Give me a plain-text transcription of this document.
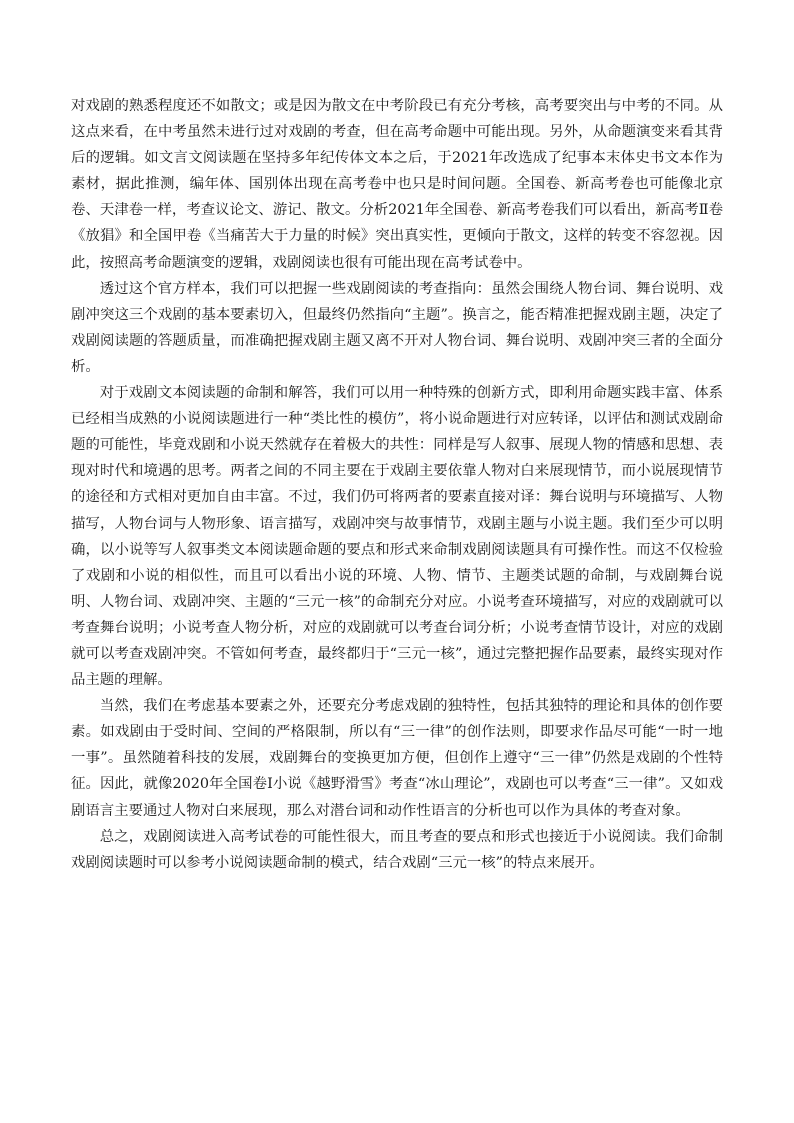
对戏剧的熟悉程度还不如散文；或是因为散文在中考阶段已有充分考核，高考要突出与中考的不同。从这点来看，在中考虽然未进行过对戏剧的考查，但在高考命题中可能出现。另外，从命题演变来看其背后的逻辑。如文言文阅读题在坚持多年纪传体文本之后，于2021年改选成了纪事本末体史书文本作为素材，据此推测，编年体、国别体出现在高考卷中也只是时间问题。全国卷、新高考卷也可能像北京卷、天津卷一样，考查议论文、游记、散文。分析2021年全国卷、新高考卷我们可以看出，新高考Ⅱ卷《放猖》和全国甲卷《当痛苦大于力量的时候》突出真实性，更倾向于散文，这样的转变不容忽视。因此，按照高考命题演变的逻辑，戏剧阅读也很有可能出现在高考试卷中。

透过这个官方样本，我们可以把握一些戏剧阅读的考查指向：虽然会围绕人物台词、舞台说明、戏剧冲突这三个戏剧的基本要素切入，但最终仍然指向“主题”。换言之，能否精准把握戏剧主题，决定了戏剧阅读题的答题质量，而准确把握戏剧主题又离不开对人物台词、舞台说明、戏剧冲突三者的全面分析。

对于戏剧文本阅读题的命制和解答，我们可以用一种特殊的创新方式，即利用命题实践丰富、体系已经相当成熟的小说阅读题进行一种“类比性的模仿”，将小说命题进行对应转译，以评估和测试戏剧命题的可能性，毕竟戏剧和小说天然就存在着极大的共性：同样是写人叙事、展现人物的情感和思想、表现对时代和境遇的思考。两者之间的不同主要在于戏剧主要依靠人物对白来展现情节，而小说展现情节的途径和方式相对更加自由丰富。不过，我们仍可将两者的要素直接对译：舞台说明与环境描写、人物描写，人物台词与人物形象、语言描写，戏剧冲突与故事情节，戏剧主题与小说主题。我们至少可以明确，以小说等写人叙事类文本阅读题命题的要点和形式来命制戏剧阅读题具有可操作性。而这不仅检验了戏剧和小说的相似性，而且可以看出小说的环境、人物、情节、主题类试题的命制，与戏剧舞台说明、人物台词、戏剧冲突、主题的“三元一核”的命制充分对应。小说考查环境描写，对应的戏剧就可以考查舞台说明；小说考查人物分析，对应的戏剧就可以考查台词分析；小说考查情节设计，对应的戏剧就可以考查戏剧冲突。不管如何考查，最终都归于“三元一核”，通过完整把握作品要素，最终实现对作品主题的理解。

当然，我们在考虑基本要素之外，还要充分考虑戏剧的独特性，包括其独特的理论和具体的创作要素。如戏剧由于受时间、空间的严格限制，所以有“三一律”的创作法则，即要求作品尽可能“一时一地一事”。虽然随着科技的发展，戏剧舞台的变换更加方便，但创作上遵守“三一律”仍然是戏剧的个性特征。因此，就像2020年全国卷Ⅰ小说《越野滑雪》考查“冰山理论”，戏剧也可以考查“三一律”。又如戏剧语言主要通过人物对白来展现，那么对潜台词和动作性语言的分析也可以作为具体的考查对象。

总之，戏剧阅读进入高考试卷的可能性很大，而且考查的要点和形式也接近于小说阅读。我们命制戏剧阅读题时可以参考小说阅读题命制的模式，结合戏剧“三元一核”的特点来展开。
